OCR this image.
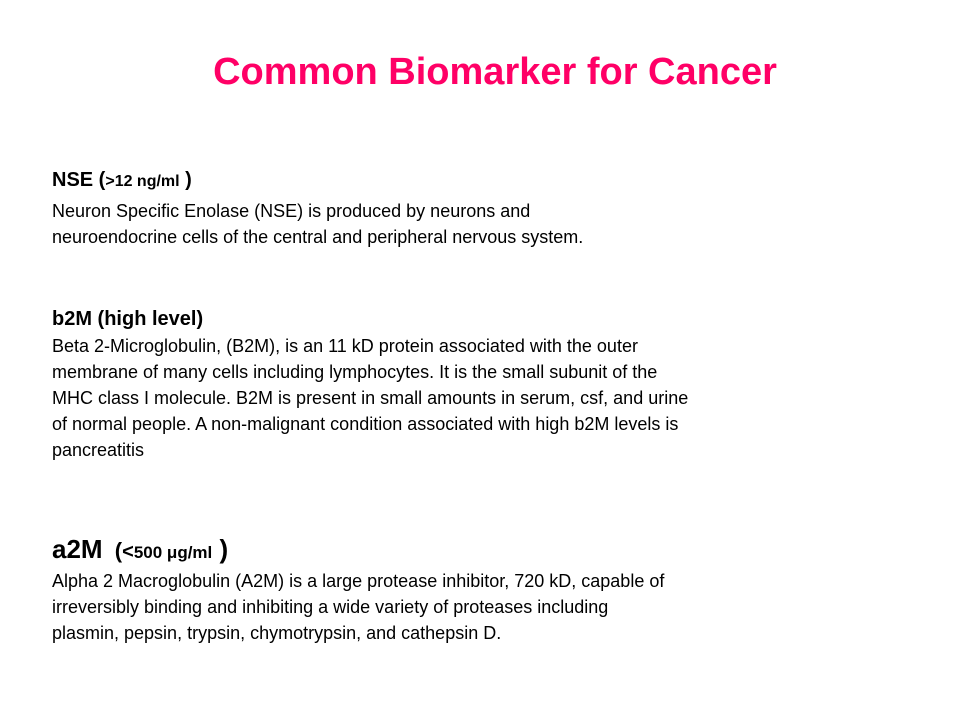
Common Biomarker for Cancer
NSE (>12 ng/ml )
Neuron Specific Enolase (NSE) is produced by neurons and
neuroendocrine cells of the central and peripheral nervous system.
b2M (high level)
Beta 2-Microglobulin, (B2M), is an 11 kD protein associated with the outer
membrane of many cells including lymphocytes. It is the small subunit of the
MHC class I molecule. B2M is present in small amounts in serum, csf, and urine
of normal people. A non-malignant condition associated with high b2M levels is
pancreatitis
a2M  (<500 μg/ml )
Alpha 2 Macroglobulin (A2M) is a large protease inhibitor, 720 kD, capable of
irreversibly binding and inhibiting a wide variety of proteases including
plasmin, pepsin, trypsin, chymotrypsin, and cathepsin D.
